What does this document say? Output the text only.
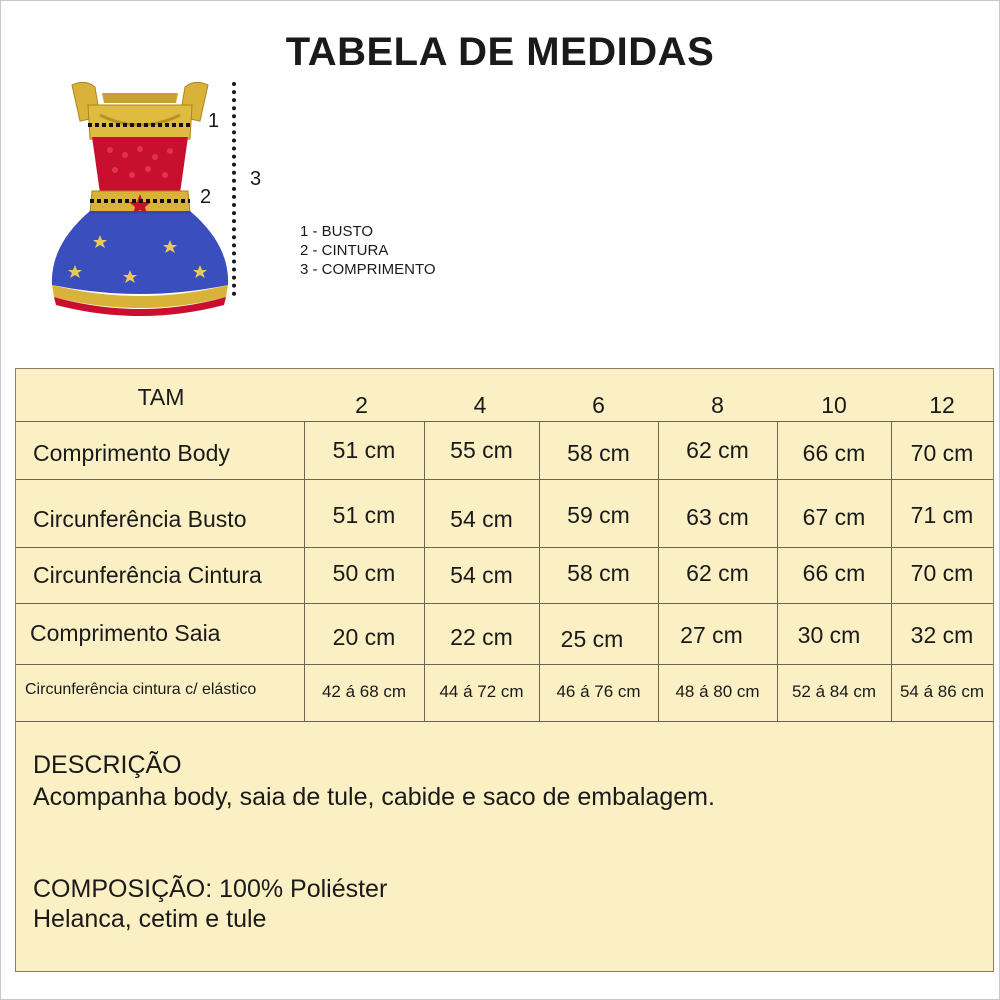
TABELA DE MEDIDAS
1
2
3
1 - BUSTO
2 - CINTURA
3 - COMPRIMENTO
TAM	2	4	6	8	10	12
Comprimento Body	51 cm	55 cm	58 cm	62 cm	66 cm	70 cm
Circunferência Busto	51 cm	54 cm	59 cm	63 cm	67 cm	71 cm
Circunferência Cintura	50 cm	54 cm	58 cm	62 cm	66 cm	70 cm
Comprimento Saia	20 cm	22 cm	25 cm	27 cm	30 cm	32 cm
Circunferência cintura c/ elástico	42 á 68 cm	44 á 72 cm	46 á 76 cm	48 á 80 cm	52 á 84 cm	54 á 86 cm
DESCRIÇÃO
Acompanha body, saia de tule, cabide e saco de embalagem.
COMPOSIÇÃO: 100% Poliéster
Helanca, cetim e tule
